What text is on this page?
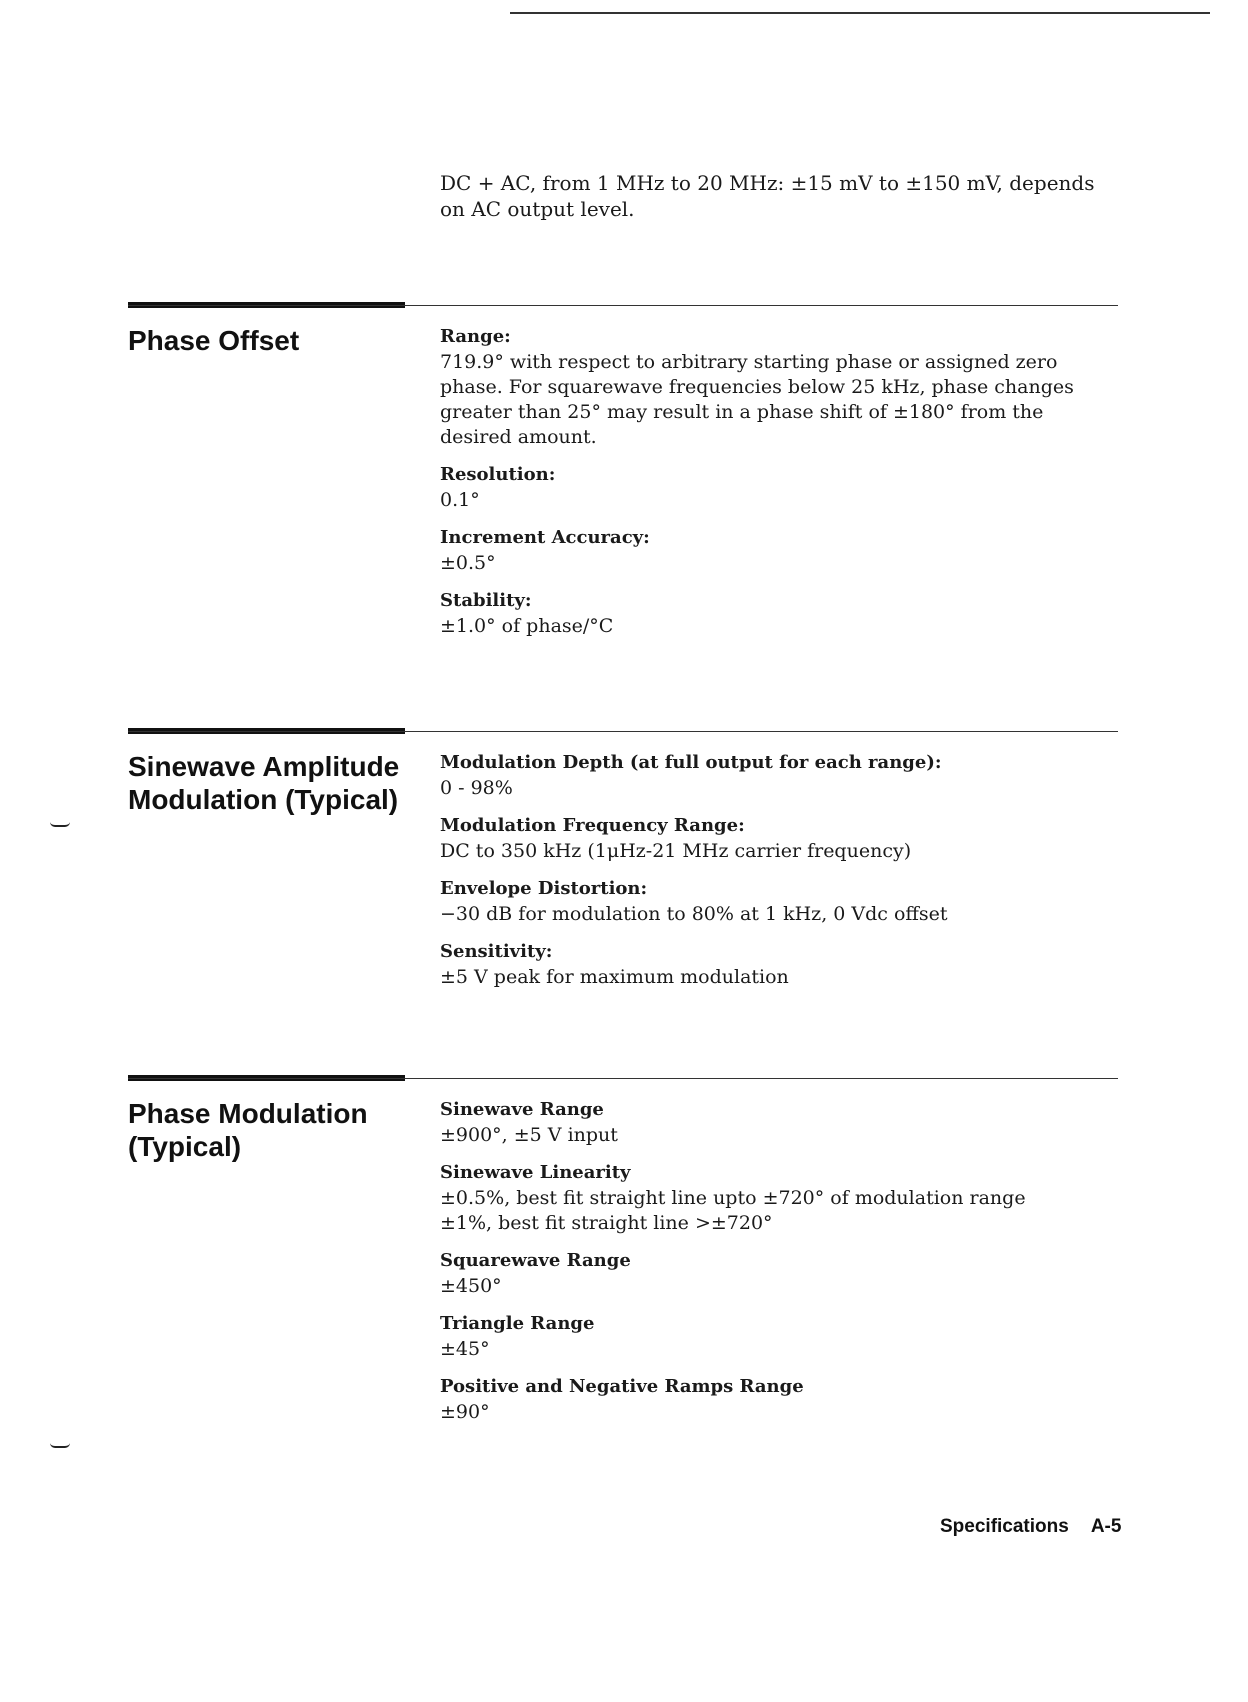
DC + AC, from 1 MHz to 20 MHz: ±15 mV to ±150 mV, depends on AC output level.
Phase Offset	Range:
719.9° with respect to arbitrary starting phase or assigned zero phase. For squarewave frequencies below 25 kHz, phase changes greater than 25° may result in a phase shift of ±180° from the desired amount.
Resolution:
0.1°
Increment Accuracy:
±0.5°
Stability:
±1.0° of phase/°C
Sinewave Amplitude Modulation (Typical)
Modulation Depth (at full output for each range):
0 - 98%
Modulation Frequency Range:
DC to 350 kHz (1μHz-21 MHz carrier frequency)
Envelope Distortion:
−30 dB for modulation to 80% at 1 kHz, 0 Vdc offset
Sensitivity:
±5 V peak for maximum modulation
Phase Modulation (Typical)
Sinewave Range
±900°, ±5 V input
Sinewave Linearity
±0.5%, best fit straight line upto ±720° of modulation range
±1%, best fit straight line >±720°
Squarewave Range
±450°
Triangle Range
±45°
Positive and Negative Ramps Range
±90°
Specifications A-5
